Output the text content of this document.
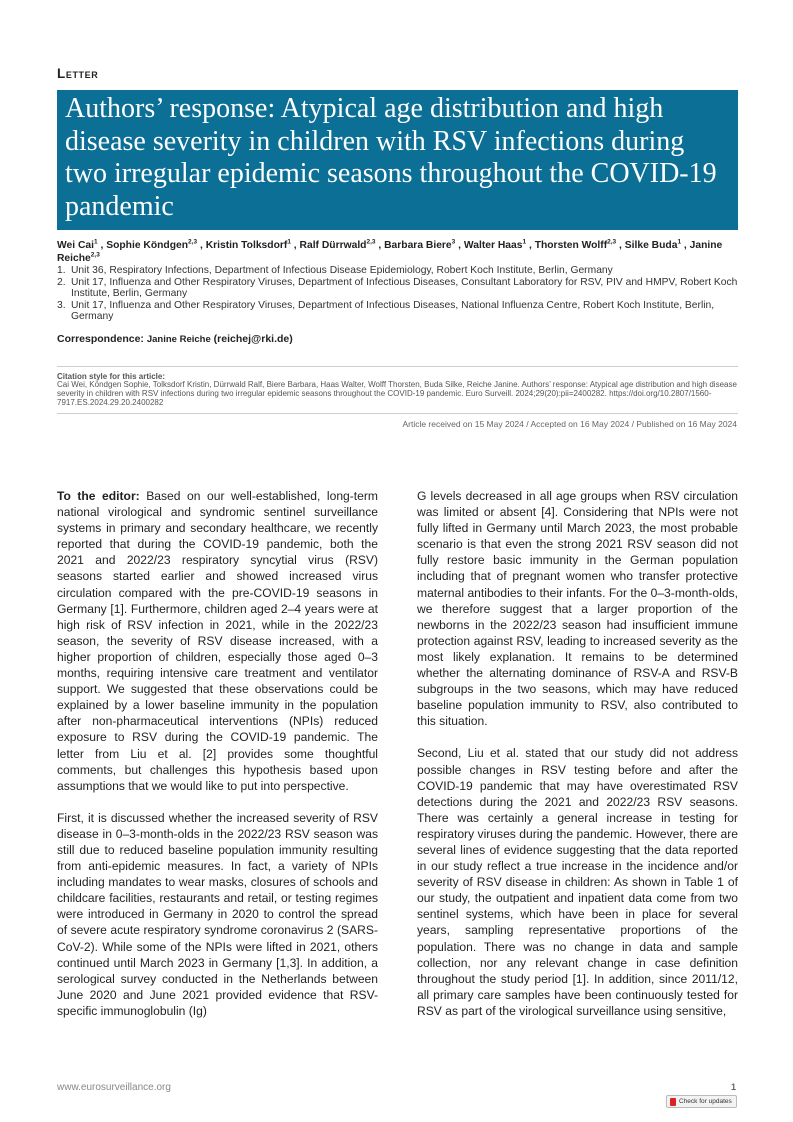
Letter
Authors’ response: Atypical age distribution and high disease severity in children with RSV infections during two irregular epidemic seasons throughout the COVID-19 pandemic
Wei Cai$^1$ , Sophie Köndgen$^{2,3}$ , Kristin Tolksdorf$^1$ , Ralf Dürrwald$^{2,3}$ , Barbara Biere$^3$ , Walter Haas$^1$ , Thorsten Wolff$^{2,3}$ , Silke Buda$^1$ , Janine Reiche$^{2,3}$
1. Unit 36, Respiratory Infections, Department of Infectious Disease Epidemiology, Robert Koch Institute, Berlin, Germany
2. Unit 17, Influenza and Other Respiratory Viruses, Department of Infectious Diseases, Consultant Laboratory for RSV, PIV and HMPV, Robert Koch Institute, Berlin, Germany
3. Unit 17, Influenza and Other Respiratory Viruses, Department of Infectious Diseases, National Influenza Centre, Robert Koch Institute, Berlin, Germany
Correspondence: Janine Reiche (reichej@rki.de)
Citation style for this article:
Cai Wei, Köndgen Sophie, Tolksdorf Kristin, Dürrwald Ralf, Biere Barbara, Haas Walter, Wolff Thorsten, Buda Silke, Reiche Janine. Authors’ response: Atypical age distribution and high disease severity in children with RSV infections during two irregular epidemic seasons throughout the COVID-19 pandemic. Euro Surveill. 2024;29(20):pii=2400282. https://doi.org/10.2807/1560-7917.ES.2024.29.20.2400282
Article received on 15 May 2024 / Accepted on 16 May 2024 / Published on 16 May 2024

To the editor: Based on our well-established, long-term national virological and syndromic sentinel surveillance systems in primary and secondary healthcare, we recently reported that during the COVID-19 pandemic, both the 2021 and 2022/23 respiratory syncytial virus (RSV) seasons started earlier and showed increased virus circulation compared with the pre-COVID-19 seasons in Germany [1]. Furthermore, children aged 2–4 years were at high risk of RSV infection in 2021, while in the 2022/23 season, the severity of RSV disease increased, with a higher proportion of children, especially those aged 0–3 months, requiring intensive care treatment and ventilator support. We suggested that these observations could be explained by a lower baseline immunity in the population after non-pharmaceutical interventions (NPIs) reduced exposure to RSV during the COVID-19 pandemic. The letter from Liu et al. [2] provides some thoughtful comments, but challenges this hypothesis based upon assumptions that we would like to put into perspective.

First, it is discussed whether the increased severity of RSV disease in 0–3-month-olds in the 2022/23 RSV season was still due to reduced baseline population immunity resulting from anti-epidemic measures. In fact, a variety of NPIs including mandates to wear masks, closures of schools and childcare facilities, restaurants and retail, or testing regimes were introduced in Germany in 2020 to control the spread of severe acute respiratory syndrome coronavirus 2 (SARS-CoV-2). While some of the NPIs were lifted in 2021, others continued until March 2023 in Germany [1,3]. In addition, a serological survey conducted in the Netherlands between June 2020 and June 2021 provided evidence that RSV-specific immunoglobulin (Ig)

G levels decreased in all age groups when RSV circulation was limited or absent [4]. Considering that NPIs were not fully lifted in Germany until March 2023, the most probable scenario is that even the strong 2021 RSV season did not fully restore basic immunity in the German population including that of pregnant women who transfer protective maternal antibodies to their infants. For the 0–3-month-olds, we therefore suggest that a larger proportion of the newborns in the 2022/23 season had insufficient immune protection against RSV, leading to increased severity as the most likely explanation. It remains to be determined whether the alternating dominance of RSV-A and RSV-B subgroups in the two seasons, which may have reduced baseline population immunity to RSV, also contributed to this situation.

Second, Liu et al. stated that our study did not address possible changes in RSV testing before and after the COVID-19 pandemic that may have overestimated RSV detections during the 2021 and 2022/23 RSV seasons. There was certainly a general increase in testing for respiratory viruses during the pandemic. However, there are several lines of evidence suggesting that the data reported in our study reflect a true increase in the incidence and/or severity of RSV disease in children: As shown in Table 1 of our study, the outpatient and inpatient data come from two sentinel systems, which have been in place for several years, sampling representative proportions of the population. There was no change in data and sample collection, nor any relevant change in case definition throughout the study period [1]. In addition, since 2011/12, all primary care samples have been continuously tested for RSV as part of the virological surveillance using sensitive,

www.eurosurveillance.org	1
Check for updates
